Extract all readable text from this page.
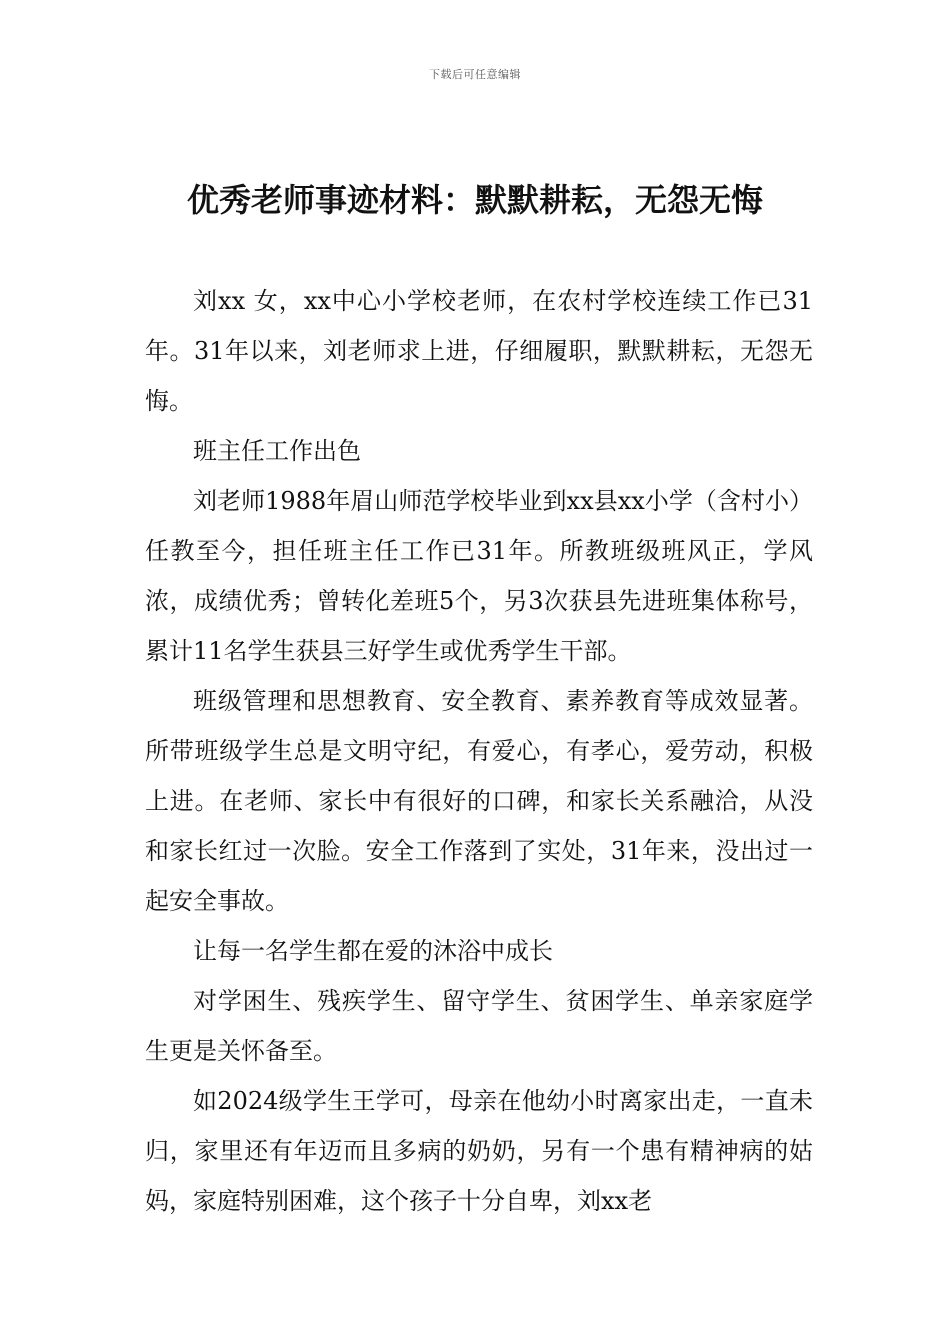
下载后可任意编辑
优秀老师事迹材料：默默耕耘，无怨无悔

刘xx 女，xx中心小学校老师，在农村学校连续工作已31年。31年以来，刘老师求上进，仔细履职，默默耕耘，无怨无悔。

班主任工作出色

刘老师1988年眉山师范学校毕业到xx县xx小学（含村小）任教至今，担任班主任工作已31年。所教班级班风正，学风浓，成绩优秀；曾转化差班5个，另3次获县先进班集体称号，累计11名学生获县三好学生或优秀学生干部。

班级管理和思想教育、安全教育、素养教育等成效显著。所带班级学生总是文明守纪，有爱心，有孝心，爱劳动，积极上进。在老师、家长中有很好的口碑，和家长关系融洽，从没和家长红过一次脸。安全工作落到了实处，31年来，没出过一起安全事故。

让每一名学生都在爱的沐浴中成长

对学困生、残疾学生、留守学生、贫困学生、单亲家庭学生更是关怀备至。

如2024级学生王学可，母亲在他幼小时离家出走，一直未归，家里还有年迈而且多病的奶奶，另有一个患有精神病的姑妈，家庭特别困难，这个孩子十分自卑，刘xx老
